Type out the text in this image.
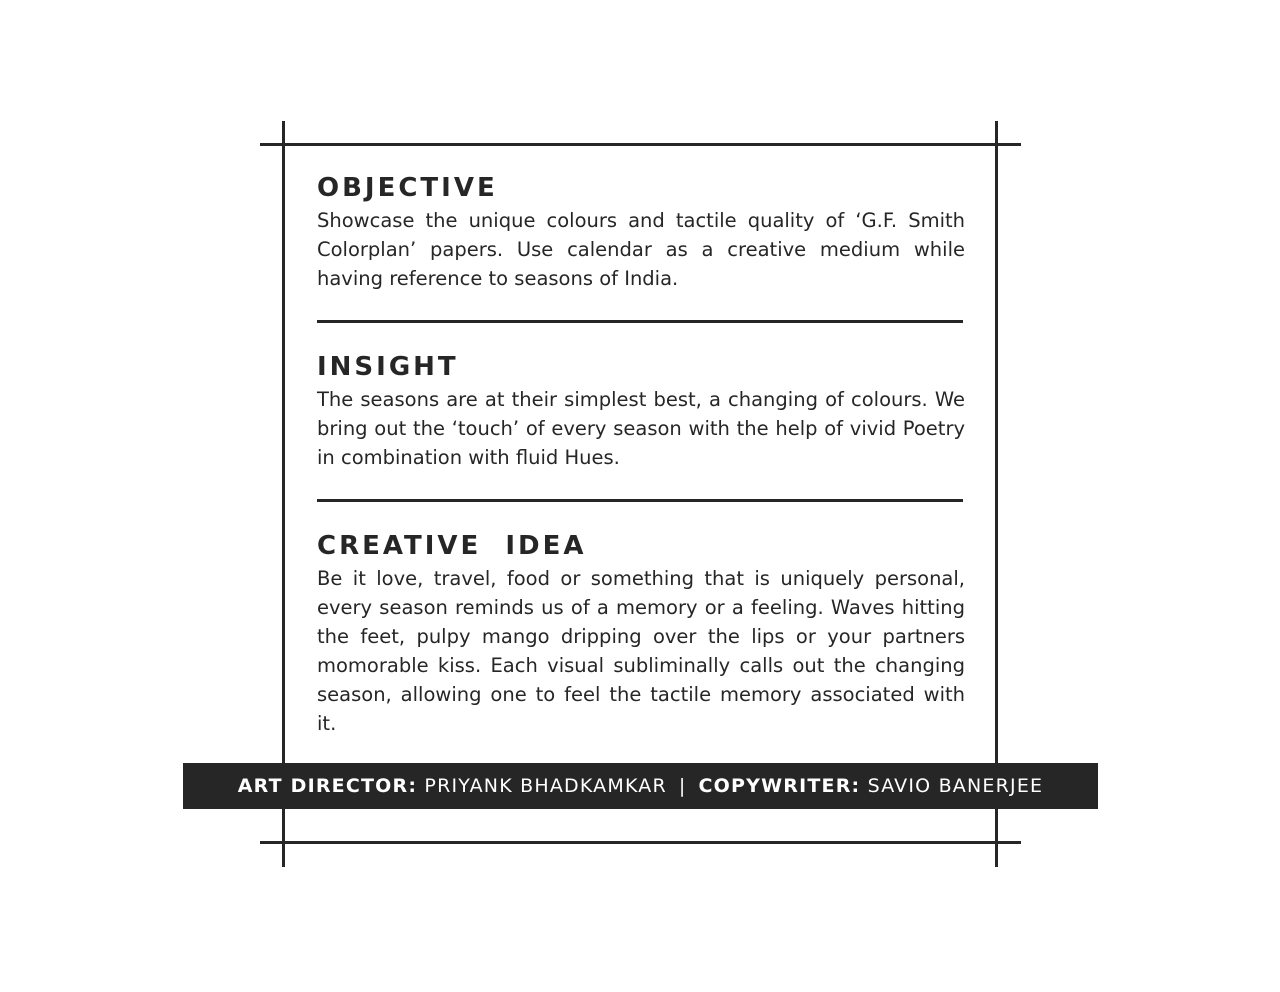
OBJECTIVE

Showcase the unique colours and tactile quality of ‘G.F. Smith Colorplan’ papers. Use calendar as a creative medium while having reference to seasons of India.

INSIGHT

The seasons are at their simplest best, a changing of colours. We bring out the ‘touch’ of every season with the help of vivid Poetry in combination with fluid Hues.

CREATIVE  IDEA

Be it love, travel, food or something that is uniquely personal, every season reminds us of a memory or a feeling. Waves hitting the feet, pulpy mango dripping over the lips or your partners momorable kiss. Each visual subliminally calls out the changing season, allowing one to feel the tactile memory associated with it.

ART DIRECTOR:
PRIYANK BHADKAMKAR | COPYWRITER:
SAVIO BANERJEE
